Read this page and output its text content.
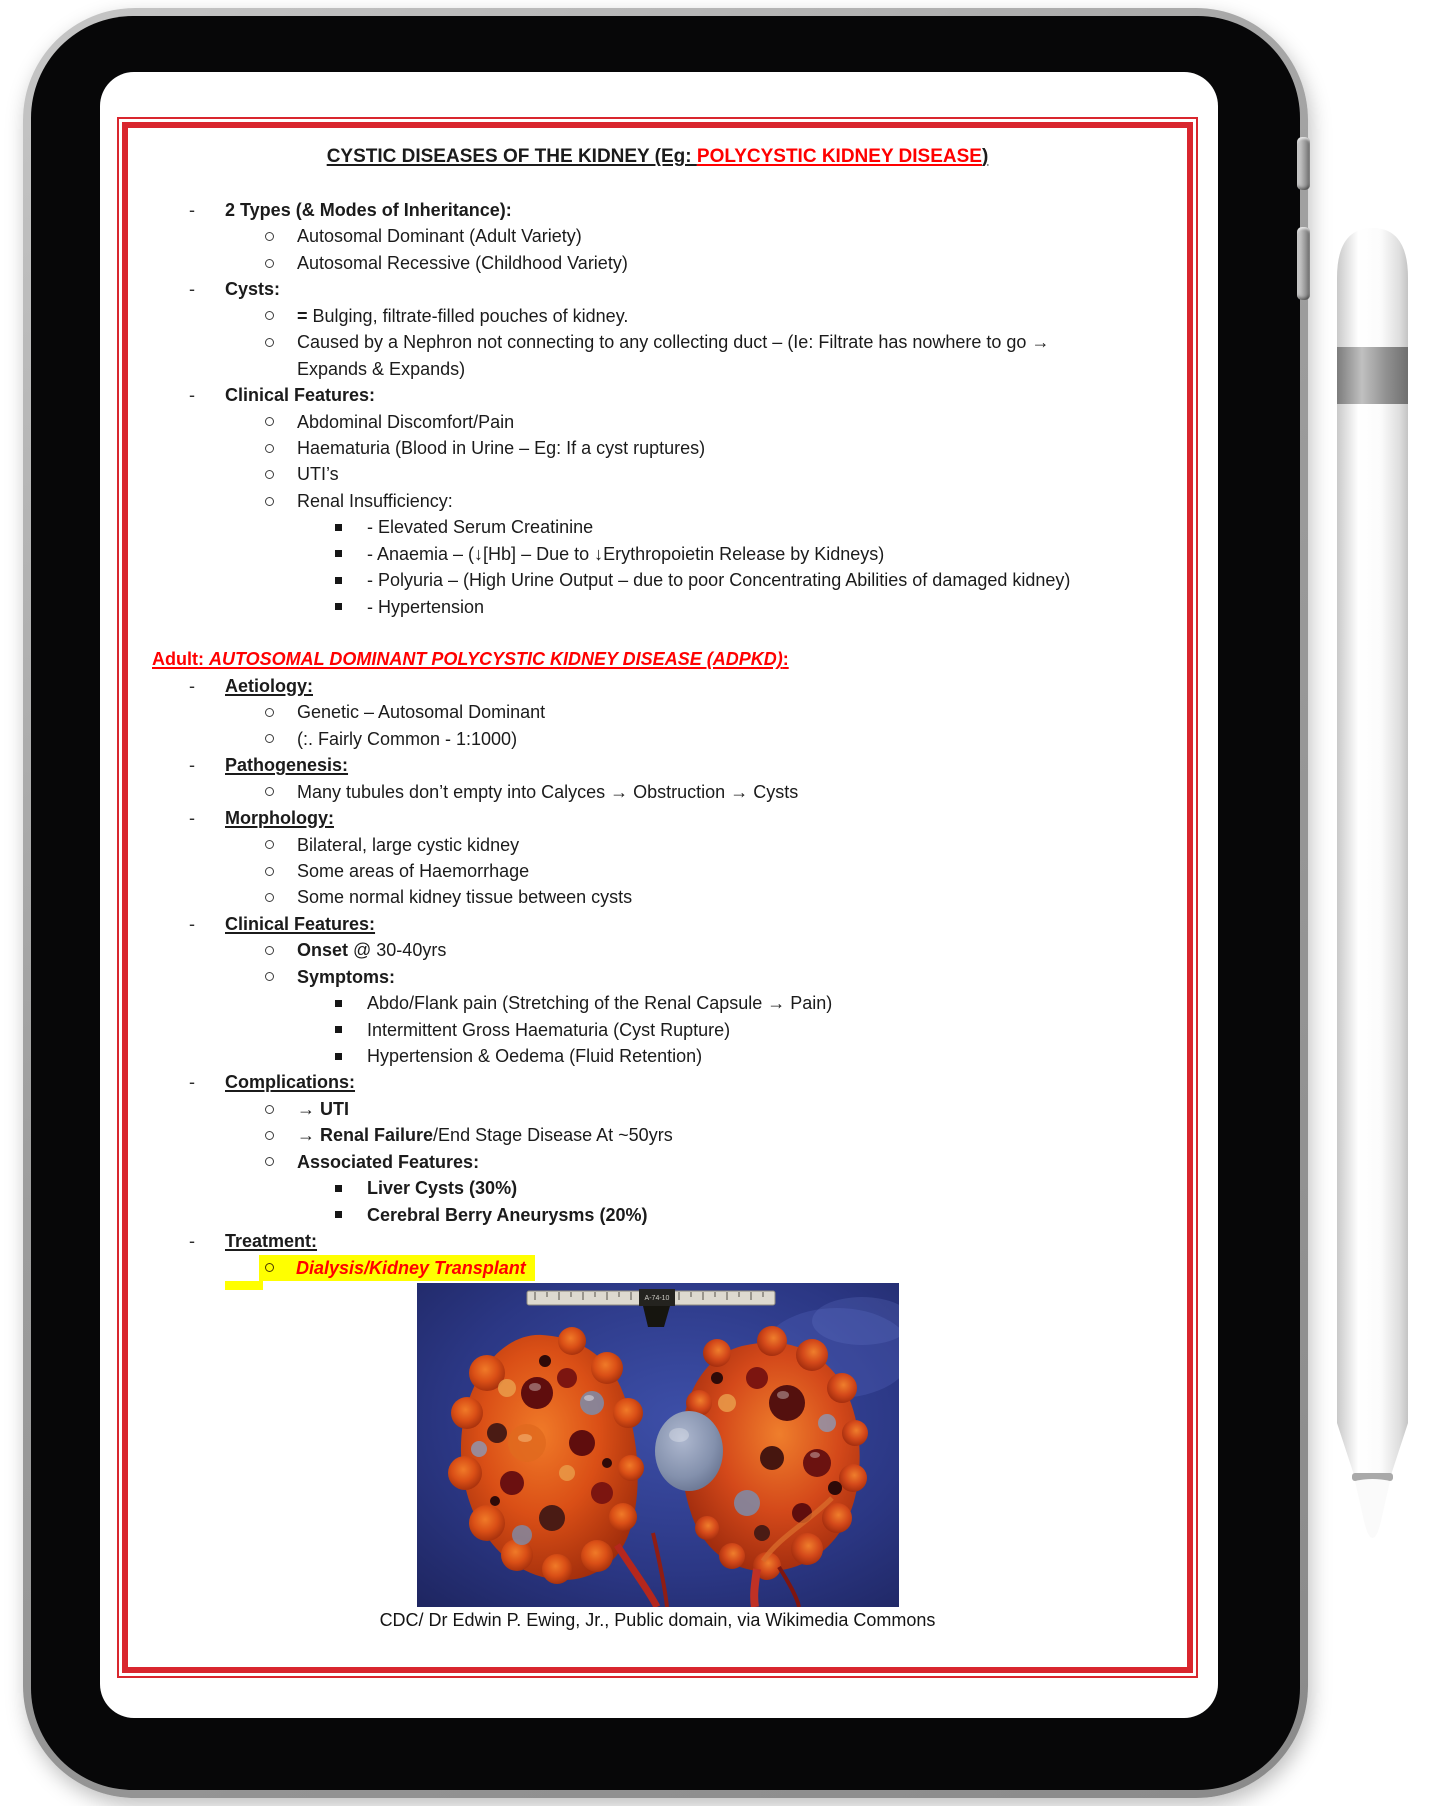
CYSTIC DISEASES OF THE KIDNEY (Eg: POLYCYSTIC KIDNEY DISEASE)
- 2 Types (& Modes of Inheritance):
Autosomal Dominant (Adult Variety)
Autosomal Recessive (Childhood Variety)
- Cysts:
= Bulging, filtrate-filled pouches of kidney.
Caused by a Nephron not connecting to any collecting duct – (Ie: Filtrate has nowhere to go →
Expands & Expands)
- Clinical Features:
Abdominal Discomfort/Pain
Haematuria (Blood in Urine – Eg: If a cyst ruptures)
UTI’s
Renal Insufficiency:
- Elevated Serum Creatinine
- Anaemia – (↓[Hb] – Due to ↓Erythropoietin Release by Kidneys)
- Polyuria – (High Urine Output – due to poor Concentrating Abilities of damaged kidney)
- Hypertension
Adult: AUTOSOMAL DOMINANT POLYCYSTIC KIDNEY DISEASE (ADPKD):
- Aetiology:
Genetic – Autosomal Dominant
(:. Fairly Common - 1:1000)
- Pathogenesis:
Many tubules don’t empty into Calyces → Obstruction → Cysts
- Morphology:
Bilateral, large cystic kidney
Some areas of Haemorrhage
Some normal kidney tissue between cysts
- Clinical Features:
Onset @ 30-40yrs
Symptoms:
Abdo/Flank pain (Stretching of the Renal Capsule → Pain)
Intermittent Gross Haematuria (Cyst Rupture)
Hypertension & Oedema (Fluid Retention)
- Complications:
→ UTI
→ Renal Failure/End Stage Disease At ~50yrs
Associated Features:
Liver Cysts (30%)
Cerebral Berry Aneurysms (20%)
- Treatment:
Dialysis/Kidney Transplant
A-74-10
CDC/ Dr Edwin P. Ewing, Jr., Public domain, via Wikimedia Commons
